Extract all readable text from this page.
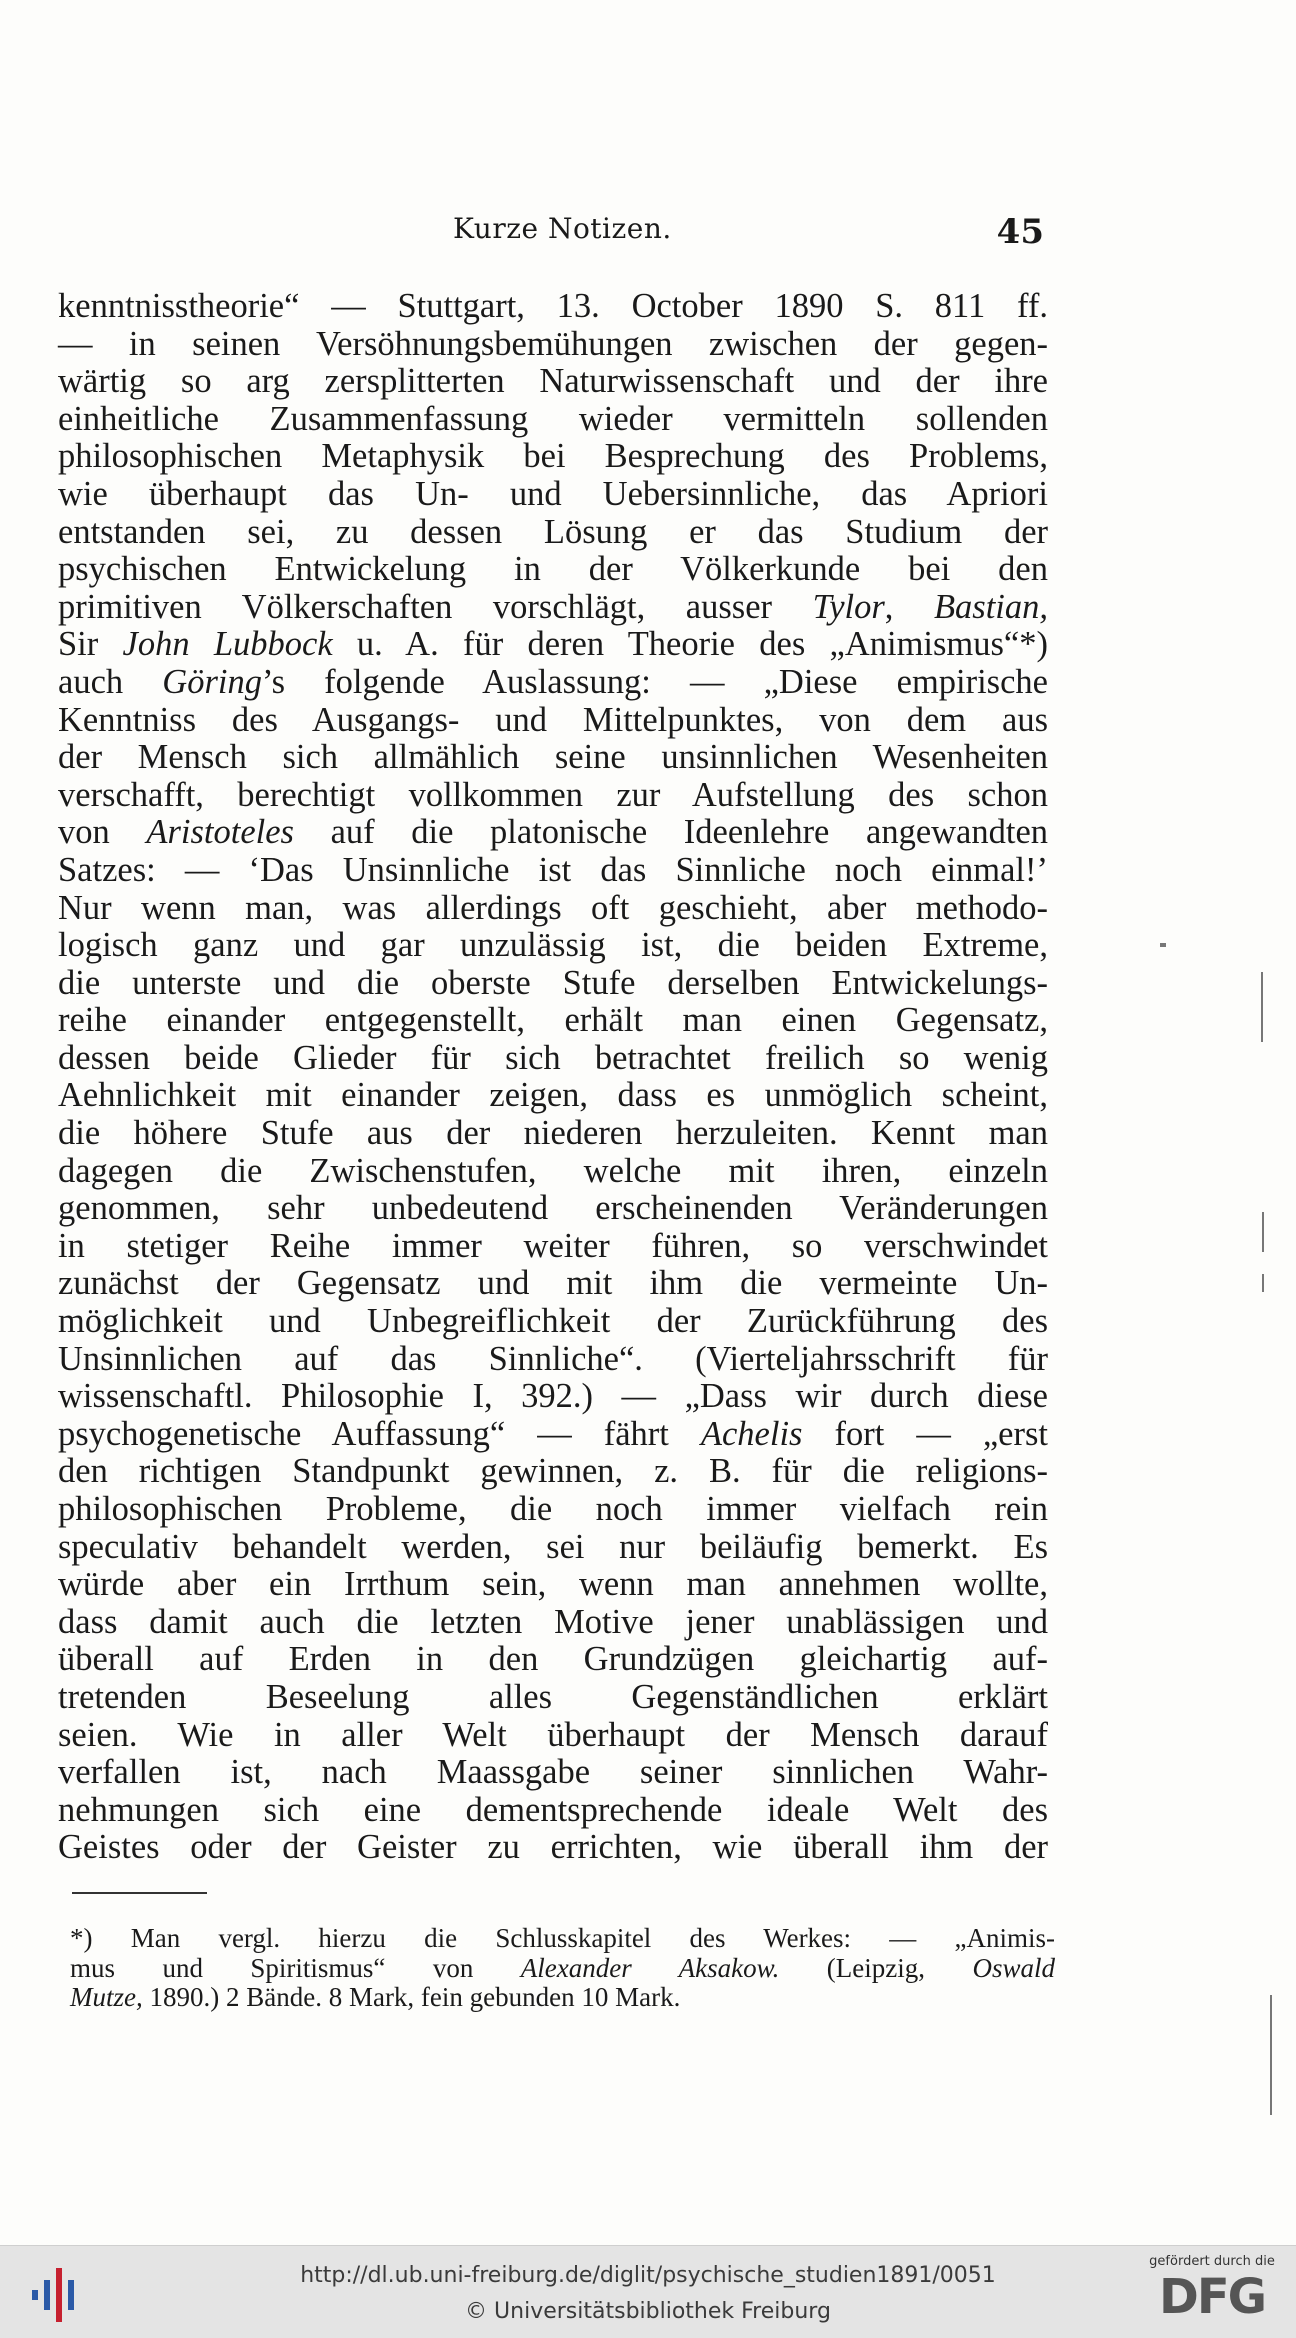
Kurze Notizen.	45
kenntnisstheorie“ — Stuttgart, 13. October 1890 S. 811 ff.
— in seinen Versöhnungsbemühungen zwischen der gegen-
wärtig so arg zersplitterten Naturwissenschaft und der ihre
einheitliche Zusammenfassung wieder vermitteln sollenden
philosophischen Metaphysik bei Besprechung des Problems,
wie überhaupt das Un- und Uebersinnliche, das Apriori
entstanden sei, zu dessen Lösung er das Studium der
psychischen Entwickelung in der Völkerkunde bei den
primitiven Völkerschaften vorschlägt, ausser Tylor, Bastian,
Sir John Lubbock u. A. für deren Theorie des „Animismus“*)
auch Göring’s folgende Auslassung: — „Diese empirische
Kenntniss des Ausgangs- und Mittelpunktes, von dem aus
der Mensch sich allmählich seine unsinnlichen Wesenheiten
verschafft, berechtigt vollkommen zur Aufstellung des schon
von Aristoteles auf die platonische Ideenlehre angewandten
Satzes: — ‘Das Unsinnliche ist das Sinnliche noch einmal!’
Nur wenn man, was allerdings oft geschieht, aber methodo-
logisch ganz und gar unzulässig ist, die beiden Extreme,
die unterste und die oberste Stufe derselben Entwickelungs-
reihe einander entgegenstellt, erhält man einen Gegensatz,
dessen beide Glieder für sich betrachtet freilich so wenig
Aehnlichkeit mit einander zeigen, dass es unmöglich scheint,
die höhere Stufe aus der niederen herzuleiten. Kennt man
dagegen die Zwischenstufen, welche mit ihren, einzeln
genommen, sehr unbedeutend erscheinenden Veränderungen
in stetiger Reihe immer weiter führen, so verschwindet
zunächst der Gegensatz und mit ihm die vermeinte Un-
möglichkeit und Unbegreiflichkeit der Zurückführung des
Unsinnlichen auf das Sinnliche“. (Vierteljahrsschrift für
wissenschaftl. Philosophie I, 392.) — „Dass wir durch diese
psychogenetische Auffassung“ — fährt Achelis fort — „erst
den richtigen Standpunkt gewinnen, z. B. für die religions-
philosophischen Probleme, die noch immer vielfach rein
speculativ behandelt werden, sei nur beiläufig bemerkt. Es
würde aber ein Irrthum sein, wenn man annehmen wollte,
dass damit auch die letzten Motive jener unablässigen und
überall auf Erden in den Grundzügen gleichartig auf-
tretenden Beseelung alles Gegenständlichen erklärt
seien. Wie in aller Welt überhaupt der Mensch darauf
verfallen ist, nach Maassgabe seiner sinnlichen Wahr-
nehmungen sich eine dementsprechende ideale Welt des
Geistes oder der Geister zu errichten, wie überall ihm der
*) Man vergl. hierzu die Schlusskapitel des Werkes: — „Animis-
mus und Spiritismus“ von Alexander Aksakow. (Leipzig, Oswald
Mutze, 1890.) 2 Bände. 8 Mark, fein gebunden 10 Mark.
http://dl.ub.uni-freiburg.de/diglit/psychische_studien1891/0051
© Universitätsbibliothek Freiburg
gefördert durch die
DFG
